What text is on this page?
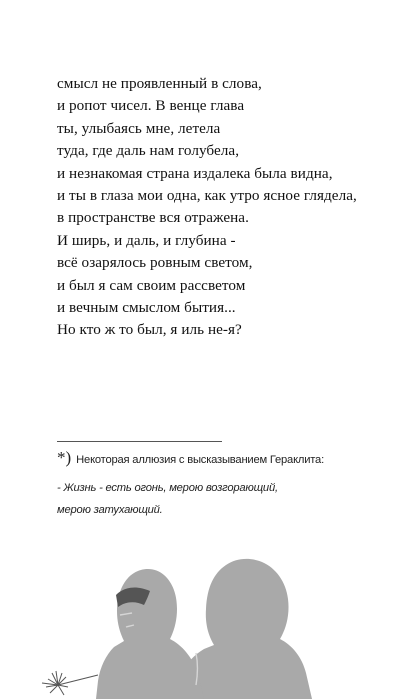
смысл не проявленный в слова,
и ропот чисел. В венце глава
ты, улыбаясь мне, летела
туда, где даль нам голубела,
и незнакомая страна издалека была видна,
и ты в глаза мои одна, как утро ясное глядела,
в пространстве вся отражена.
И ширь, и даль, и глубина -
всё озарялось ровным светом,
и был я сам своим рассветом
и вечным смыслом бытия...
Но кто ж то был, я иль не-я?
*) Некоторая аллюзия с высказыванием Гераклита:
- Жизнь - есть огонь, мерою возгорающий,
мерою затухающий.
